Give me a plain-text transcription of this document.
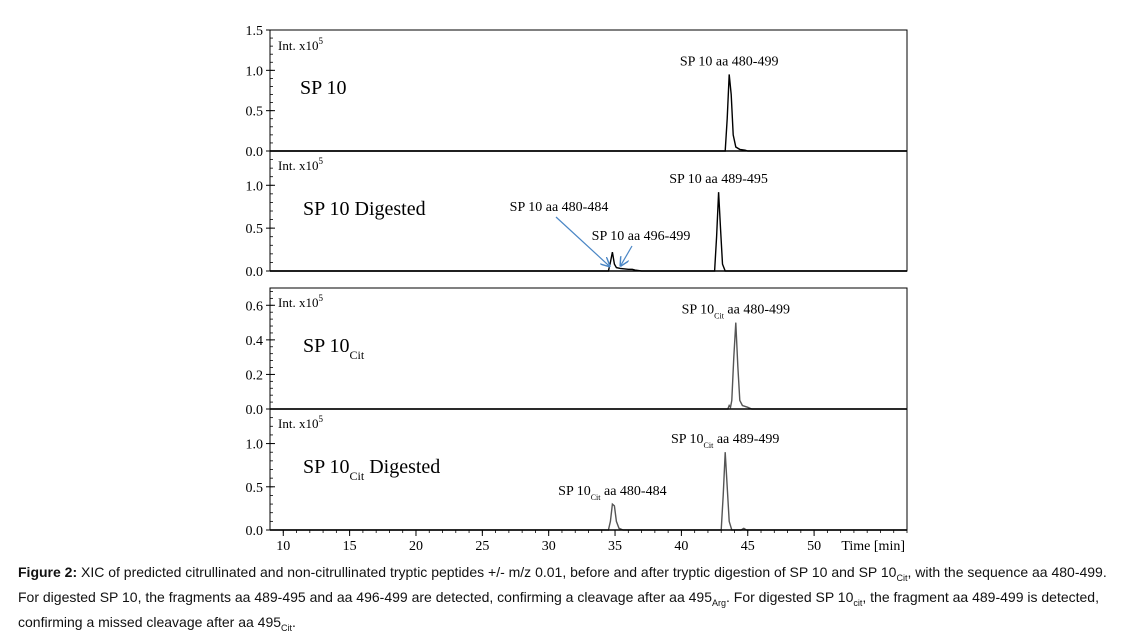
0.0
0.5
1.0
1.5
Int. $x10^5$
SP 10
SP 10 aa 480-499
0.0
0.5
1.0
Int. $x10^5$
SP 10 Digested
SP 10 aa 489-495
SP 10 aa 480-484
SP 10 aa 496-499
0.0
0.2
0.4
0.6 Int. $x10^5$
SP $10_{Cit}$
SP $10_{Cit}$ aa 480-499
0.0
0.5
1.0
Int. $x10^5$
SP $10_{Cit}$ Digested
SP $10_{Cit}$ aa 489-499
SP $10_{Cit}$ aa 480-484
10	15	20	25	30	35	40	45	50 Time [min]
Figure 2: XIC of predicted citrullinated and non-citrullinated tryptic peptides +/- m/z 0.01, before and after tryptic digestion of SP 10 and SP $10_{Cit}$, with the sequence aa 480-499. For digested SP 10, the fragments aa 489-495 and aa 496-499 are detected, confirming a cleavage after aa $495_{Arg}$. For digested SP $10_{cit}$, the fragment aa 489-499 is detected, confirming a missed cleavage after aa $495_{Cit}$.
